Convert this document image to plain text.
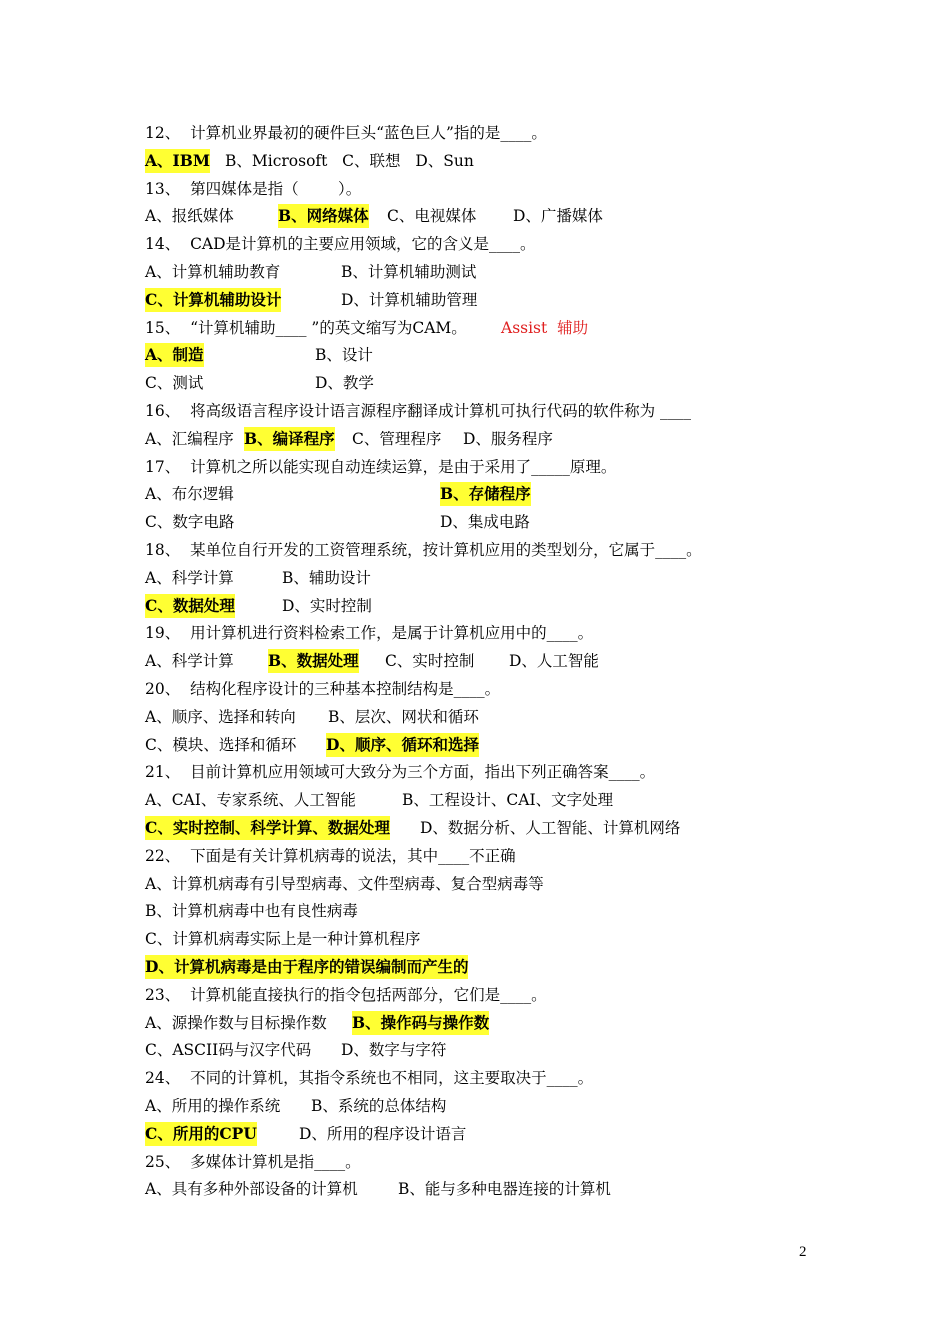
12、  计算机业界最初的硬件巨头“蓝色巨人”指的是____。
A、IBM B、Microsoft   C、联想   D、Sun
13、  第四媒体是指（        ）。
A、报纸媒体	B、网络媒体 C、电视媒体 D、广播媒体
14、  CAD是计算机的主要应用领域，它的含义是____。
A、计算机辅助教育	B、计算机辅助测试
C、计算机辅助设计	D、计算机辅助管理
15、  “计算机辅助____ ”的英文缩写为CAM。 Assist  辅助
A、制造	B、设计
C、测试	D、教学
16、  将高级语言程序设计语言源程序翻译成计算机可执行代码的软件称为 ____
A、汇编程序 B、编译程序 C、管理程序 D、服务程序
17、  计算机之所以能实现自动连续运算，是由于采用了_____原理。
A、布尔逻辑	B、存储程序
C、数字电路	D、集成电路
18、  某单位自行开发的工资管理系统，按计算机应用的类型划分，它属于____。
A、科学计算	B、辅助设计
C、数据处理	D、实时控制
19、  用计算机进行资料检索工作，是属于计算机应用中的____。
A、科学计算 B、数据处理 C、实时控制 D、人工智能
20、  结构化程序设计的三种基本控制结构是____。
A、顺序、选择和转向 B、层次、网状和循环
C、模块、选择和循环 D、顺序、循环和选择
21、  目前计算机应用领域可大致分为三个方面，指出下列正确答案____。
A、CAI、专家系统、人工智能	B、工程设计、CAI、文字处理
C、实时控制、科学计算、数据处理 D、数据分析、人工智能、计算机网络
22、  下面是有关计算机病毒的说法，其中____不正确
A、计算机病毒有引导型病毒、文件型病毒、复合型病毒等
B、计算机病毒中也有良性病毒
C、计算机病毒实际上是一种计算机程序
D、计算机病毒是由于程序的错误编制而产生的
23、  计算机能直接执行的指令包括两部分，它们是____。
A、源操作数与目标操作数 B、操作码与操作数
C、ASCII码与汉字代码 D、数字与字符
24、  不同的计算机，其指令系统也不相同，这主要取决于____。
A、所用的操作系统 B、系统的总体结构
C、所用的CPU	D、所用的程序设计语言
25、  多媒体计算机是指____。
A、具有多种外部设备的计算机	B、能与多种电器连接的计算机
2
